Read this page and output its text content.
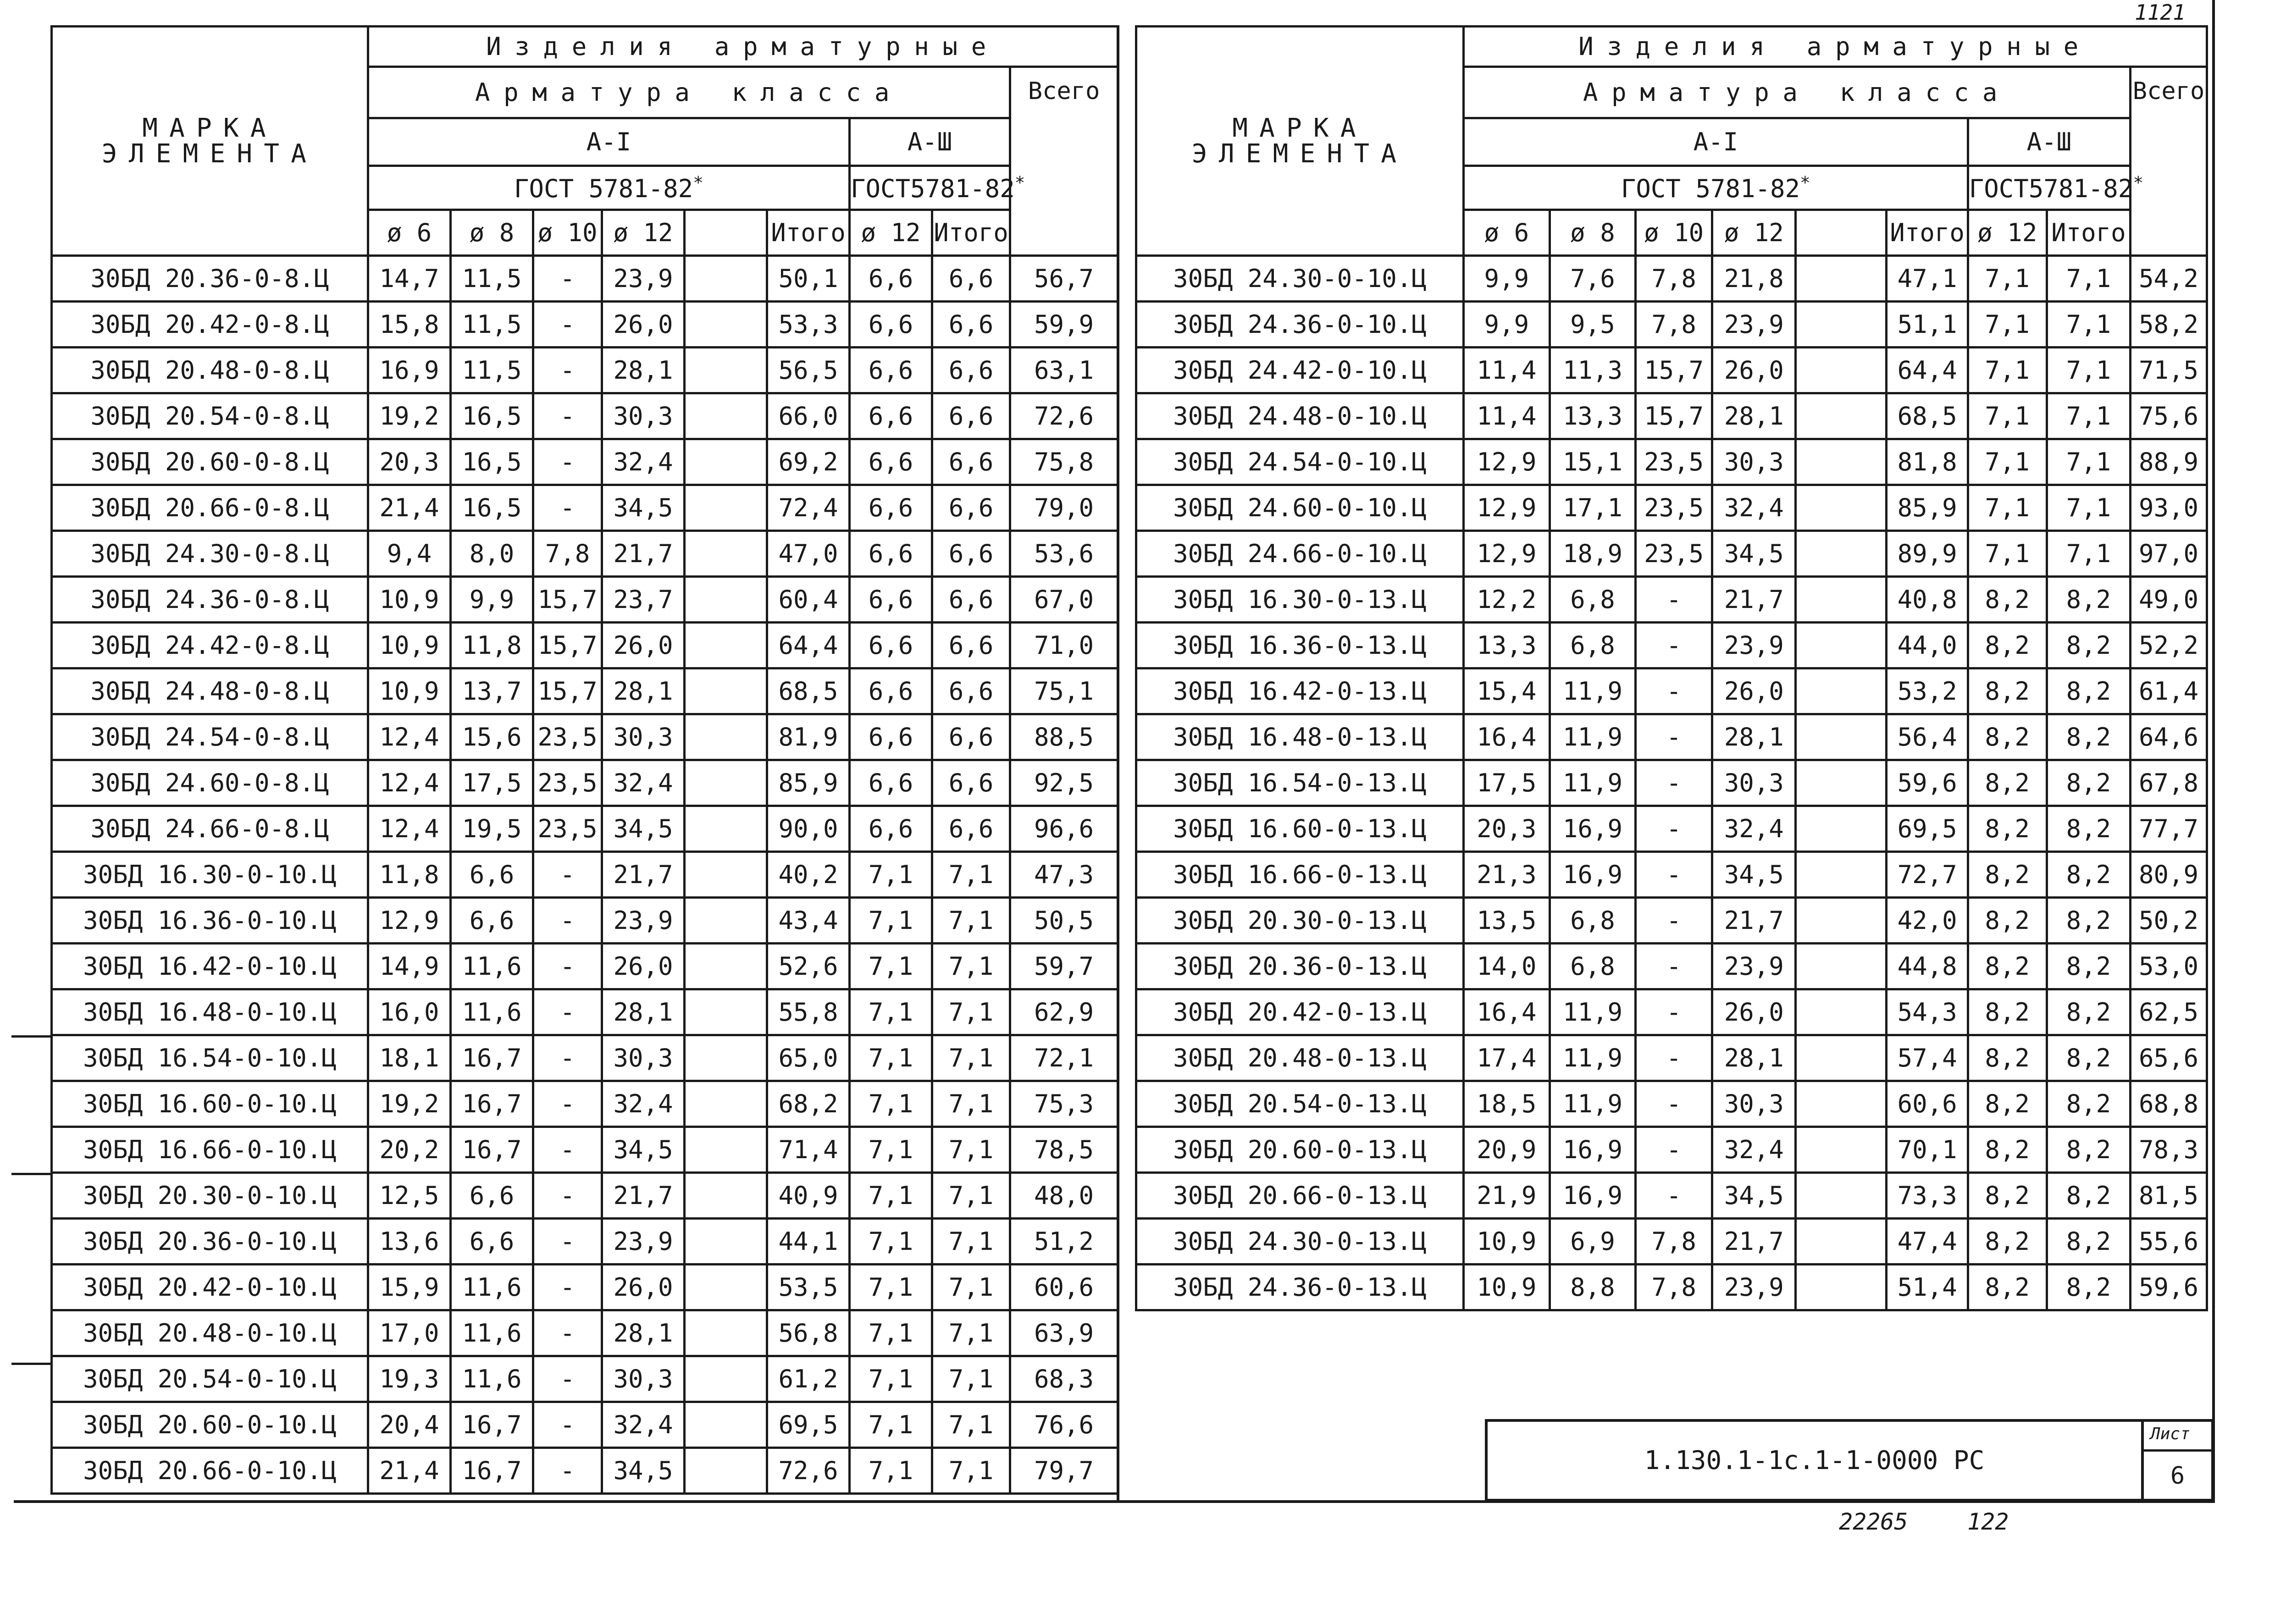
1121
МАРКА
ЭЛЕМЕНТА	Изделия арматурные								
	Арматура класса								Всего
	А-I						А-Ш		
	ГОСТ 5781-82*						ГОСТ5781-82*
	ø 6	ø 8	ø 10	ø 12		Итого	ø 12	Итого	
30БД 20.36-0-8.Ц	14,7	11,5	-	23,9		50,1	6,6	6,6	56,7
30БД 20.42-0-8.Ц	15,8	11,5	-	26,0		53,3	6,6	6,6	59,9
30БД 20.48-0-8.Ц	16,9	11,5	-	28,1		56,5	6,6	6,6	63,1
30БД 20.54-0-8.Ц	19,2	16,5	-	30,3		66,0	6,6	6,6	72,6
30БД 20.60-0-8.Ц	20,3	16,5	-	32,4		69,2	6,6	6,6	75,8
30БД 20.66-0-8.Ц	21,4	16,5	-	34,5		72,4	6,6	6,6	79,0
30БД 24.30-0-8.Ц	9,4	8,0	7,8	21,7		47,0	6,6	6,6	53,6
30БД 24.36-0-8.Ц	10,9	9,9	15,7	23,7		60,4	6,6	6,6	67,0
30БД 24.42-0-8.Ц	10,9	11,8	15,7	26,0		64,4	6,6	6,6	71,0
30БД 24.48-0-8.Ц	10,9	13,7	15,7	28,1		68,5	6,6	6,6	75,1
30БД 24.54-0-8.Ц	12,4	15,6	23,5	30,3		81,9	6,6	6,6	88,5
30БД 24.60-0-8.Ц	12,4	17,5	23,5	32,4		85,9	6,6	6,6	92,5
30БД 24.66-0-8.Ц	12,4	19,5	23,5	34,5		90,0	6,6	6,6	96,6
30БД 16.30-0-10.Ц	11,8	6,6	-	21,7		40,2	7,1	7,1	47,3
30БД 16.36-0-10.Ц	12,9	6,6	-	23,9		43,4	7,1	7,1	50,5
30БД 16.42-0-10.Ц	14,9	11,6	-	26,0		52,6	7,1	7,1	59,7
30БД 16.48-0-10.Ц	16,0	11,6	-	28,1		55,8	7,1	7,1	62,9
30БД 16.54-0-10.Ц	18,1	16,7	-	30,3		65,0	7,1	7,1	72,1
30БД 16.60-0-10.Ц	19,2	16,7	-	32,4		68,2	7,1	7,1	75,3
30БД 16.66-0-10.Ц	20,2	16,7	-	34,5		71,4	7,1	7,1	78,5
30БД 20.30-0-10.Ц	12,5	6,6	-	21,7		40,9	7,1	7,1	48,0
30БД 20.36-0-10.Ц	13,6	6,6	-	23,9		44,1	7,1	7,1	51,2
30БД 20.42-0-10.Ц	15,9	11,6	-	26,0		53,5	7,1	7,1	60,6
30БД 20.48-0-10.Ц	17,0	11,6	-	28,1		56,8	7,1	7,1	63,9
30БД 20.54-0-10.Ц	19,3	11,6	-	30,3		61,2	7,1	7,1	68,3
30БД 20.60-0-10.Ц	20,4	16,7	-	32,4		69,5	7,1	7,1	76,6
30БД 20.66-0-10.Ц	21,4	16,7	-	34,5		72,6	7,1	7,1	79,7
МАРКА
ЭЛЕМЕНТА	Изделия арматурные								
	Арматура класса								Всего
	А-I						А-Ш		
	ГОСТ 5781-82*						ГОСТ5781-82*
	ø 6	ø 8	ø 10	ø 12		Итого	ø 12	Итого	
30БД 24.30-0-10.Ц	9,9	7,6	7,8	21,8		47,1	7,1	7,1	54,2
30БД 24.36-0-10.Ц	9,9	9,5	7,8	23,9		51,1	7,1	7,1	58,2
30БД 24.42-0-10.Ц	11,4	11,3	15,7	26,0		64,4	7,1	7,1	71,5
30БД 24.48-0-10.Ц	11,4	13,3	15,7	28,1		68,5	7,1	7,1	75,6
30БД 24.54-0-10.Ц	12,9	15,1	23,5	30,3		81,8	7,1	7,1	88,9
30БД 24.60-0-10.Ц	12,9	17,1	23,5	32,4		85,9	7,1	7,1	93,0
30БД 24.66-0-10.Ц	12,9	18,9	23,5	34,5		89,9	7,1	7,1	97,0
30БД 16.30-0-13.Ц	12,2	6,8	-	21,7		40,8	8,2	8,2	49,0
30БД 16.36-0-13.Ц	13,3	6,8	-	23,9		44,0	8,2	8,2	52,2
30БД 16.42-0-13.Ц	15,4	11,9	-	26,0		53,2	8,2	8,2	61,4
30БД 16.48-0-13.Ц	16,4	11,9	-	28,1		56,4	8,2	8,2	64,6
30БД 16.54-0-13.Ц	17,5	11,9	-	30,3		59,6	8,2	8,2	67,8
30БД 16.60-0-13.Ц	20,3	16,9	-	32,4		69,5	8,2	8,2	77,7
30БД 16.66-0-13.Ц	21,3	16,9	-	34,5		72,7	8,2	8,2	80,9
30БД 20.30-0-13.Ц	13,5	6,8	-	21,7		42,0	8,2	8,2	50,2
30БД 20.36-0-13.Ц	14,0	6,8	-	23,9		44,8	8,2	8,2	53,0
30БД 20.42-0-13.Ц	16,4	11,9	-	26,0		54,3	8,2	8,2	62,5
30БД 20.48-0-13.Ц	17,4	11,9	-	28,1		57,4	8,2	8,2	65,6
30БД 20.54-0-13.Ц	18,5	11,9	-	30,3		60,6	8,2	8,2	68,8
30БД 20.60-0-13.Ц	20,9	16,9	-	32,4		70,1	8,2	8,2	78,3
30БД 20.66-0-13.Ц	21,9	16,9	-	34,5		73,3	8,2	8,2	81,5
30БД 24.30-0-13.Ц	10,9	6,9	7,8	21,7		47,4	8,2	8,2	55,6
30БД 24.36-0-13.Ц	10,9	8,8	7,8	23,9		51,4	8,2	8,2	59,6
1.130.1-1с.1-1-0000 РС
Лист
6
22265	122
